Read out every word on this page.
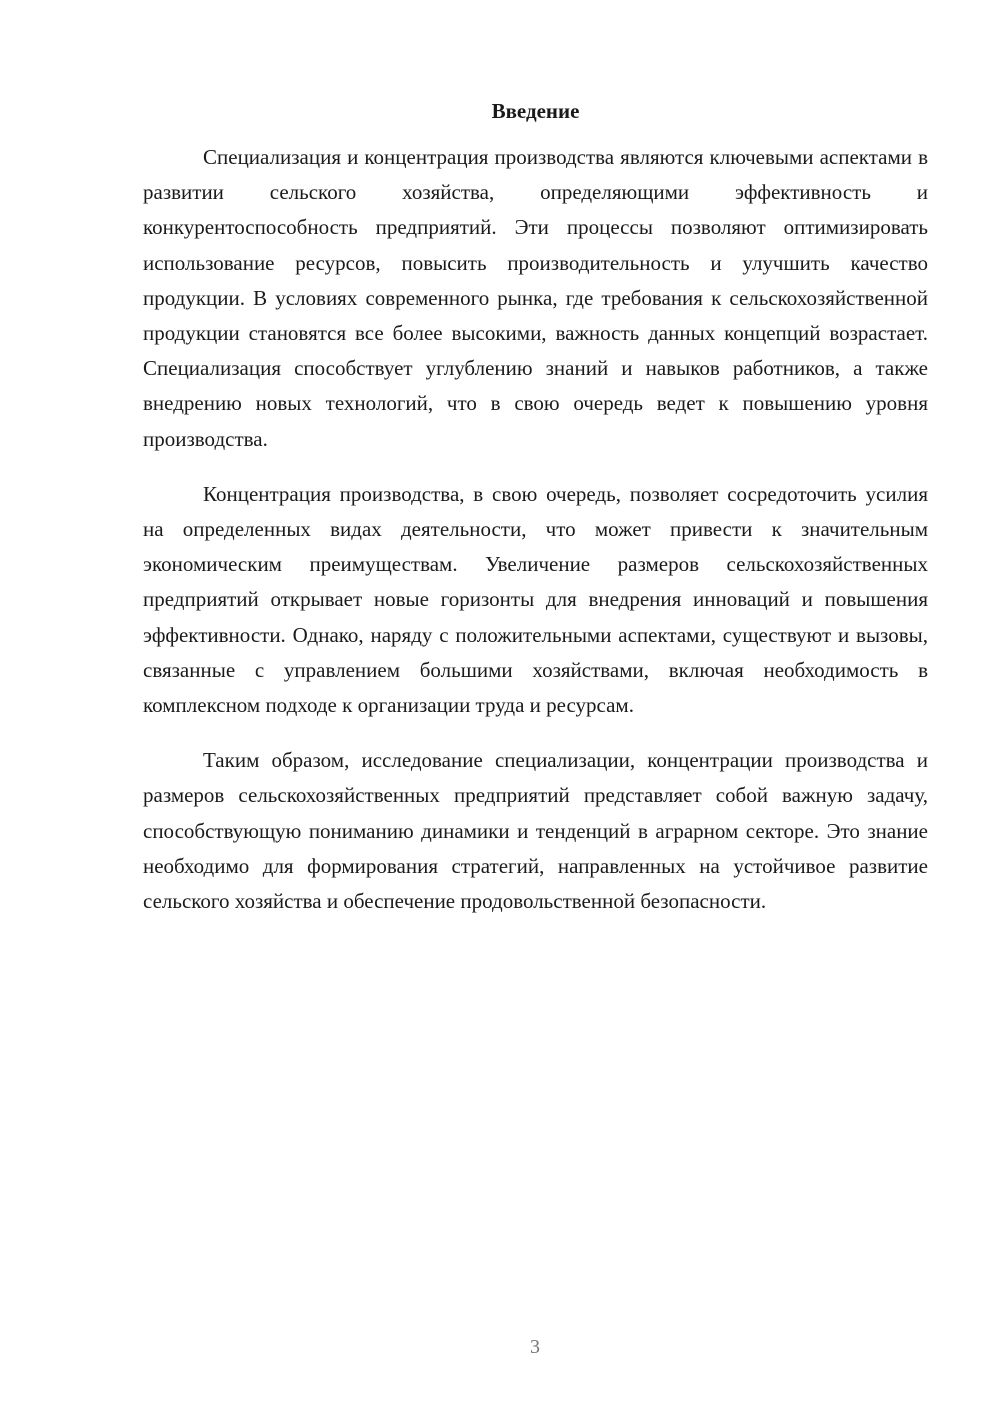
Введение

Специализация и концентрация производства являются ключевыми аспектами в развитии сельского хозяйства, определяющими эффективность и конкурентоспособность предприятий. Эти процессы позволяют оптимизировать использование ресурсов, повысить производительность и улучшить качество продукции. В условиях современного рынка, где требования к сельскохозяйственной продукции становятся все более высокими, важность данных концепций возрастает. Специализация способствует углублению знаний и навыков работников, а также внедрению новых технологий, что в свою очередь ведет к повышению уровня производства.

Концентрация производства, в свою очередь, позволяет сосредоточить усилия на определенных видах деятельности, что может привести к значительным экономическим преимуществам. Увеличение размеров сельскохозяйственных предприятий открывает новые горизонты для внедрения инноваций и повышения эффективности. Однако, наряду с положительными аспектами, существуют и вызовы, связанные с управлением большими хозяйствами, включая необходимость в комплексном подходе к организации труда и ресурсам.

Таким образом, исследование специализации, концентрации производства и размеров сельскохозяйственных предприятий представляет собой важную задачу, способствующую пониманию динамики и тенденций в аграрном секторе. Это знание необходимо для формирования стратегий, направленных на устойчивое развитие сельского хозяйства и обеспечение продовольственной безопасности.

3
